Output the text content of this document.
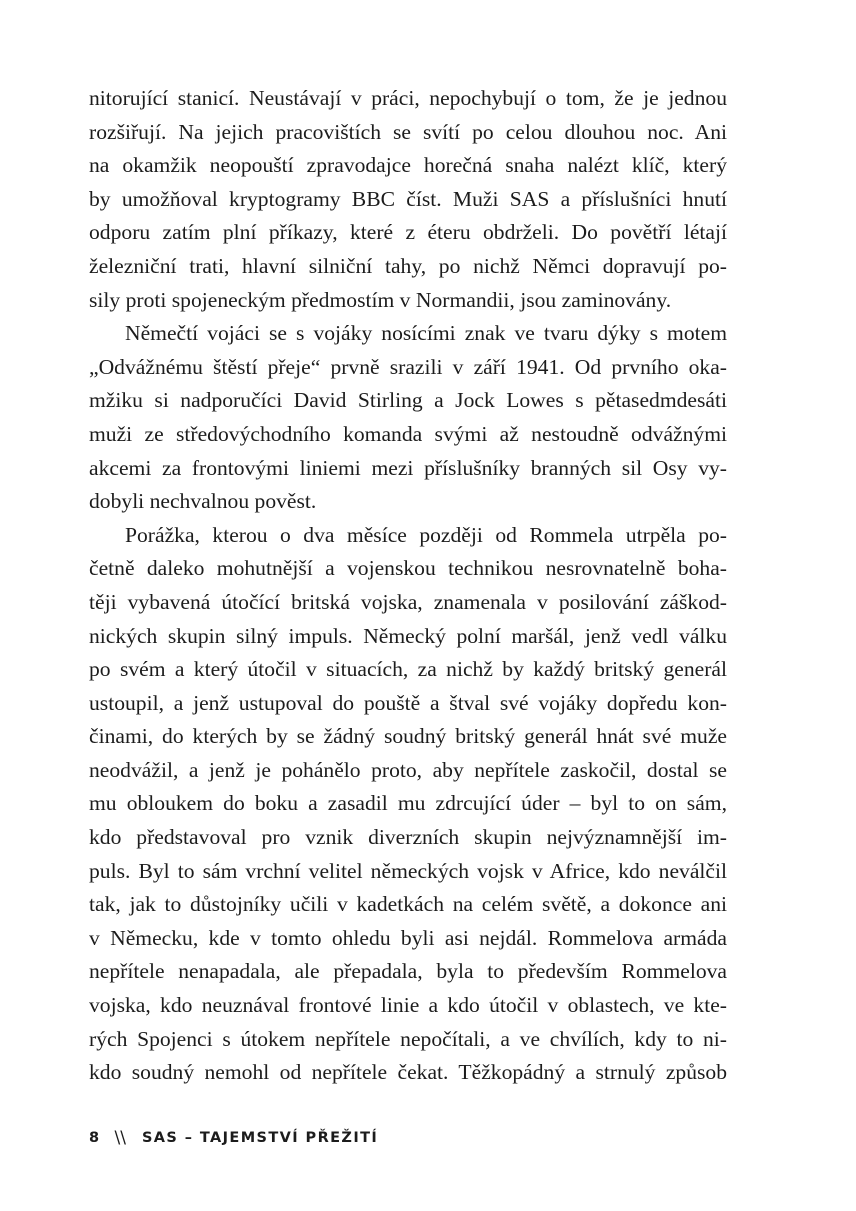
nitorující stanicí. Neustávají v práci, nepochybují o tom, že je jednou
rozšiřují. Na jejich pracovištích se svítí po celou dlouhou noc. Ani
na okamžik neopouští zpravodajce horečná snaha nalézt klíč, který
by umožňoval kryptogramy BBC číst. Muži SAS a příslušníci hnutí
odporu zatím plní příkazy, které z éteru obdrželi. Do povětří létají
železniční trati, hlavní silniční tahy, po nichž Němci dopravují po-
sily proti spojeneckým předmostím v Normandii, jsou zaminovány.
Němečtí vojáci se s vojáky nosícími znak ve tvaru dýky s motem
„Odvážnému štěstí přeje“ prvně srazili v září 1941. Od prvního oka-
mžiku si nadporučíci David Stirling a Jock Lowes s pětasedmdesáti
muži ze středovýchodního komanda svými až nestoudně odvážnými
akcemi za frontovými liniemi mezi příslušníky branných sil Osy vy-
dobyli nechvalnou pověst.
Porážka, kterou o dva měsíce později od Rommela utrpěla po-
četně daleko mohutnější a vojenskou technikou nesrovnatelně boha-
těji vybavená útočící britská vojska, znamenala v posilování záškod-
nických skupin silný impuls. Německý polní maršál, jenž vedl válku
po svém a který útočil v situacích, za nichž by každý britský generál
ustoupil, a jenž ustupoval do pouště a štval své vojáky dopředu kon-
činami, do kterých by se žádný soudný britský generál hnát své muže
neodvážil, a jenž je pohánělo proto, aby nepřítele zaskočil, dostal se
mu obloukem do boku a zasadil mu zdrcující úder – byl to on sám,
kdo představoval pro vznik diverzních skupin nejvýznamnější im-
puls. Byl to sám vrchní velitel německých vojsk v Africe, kdo neválčil
tak, jak to důstojníky učili v kadetkách na celém světě, a dokonce ani
v Německu, kde v tomto ohledu byli asi nejdál. Rommelova armáda
nepřítele nenapadala, ale přepadala, byla to především Rommelova
vojska, kdo neuznával frontové linie a kdo útočil v oblastech, ve kte-
rých Spojenci s útokem nepřítele nepočítali, a ve chvílích, kdy to ni-
kdo soudný nemohl od nepřítele čekat. Těžkopádný a strnulý způsob
8 \\ SAS – TAJEMSTVÍ PŘEŽITÍ
